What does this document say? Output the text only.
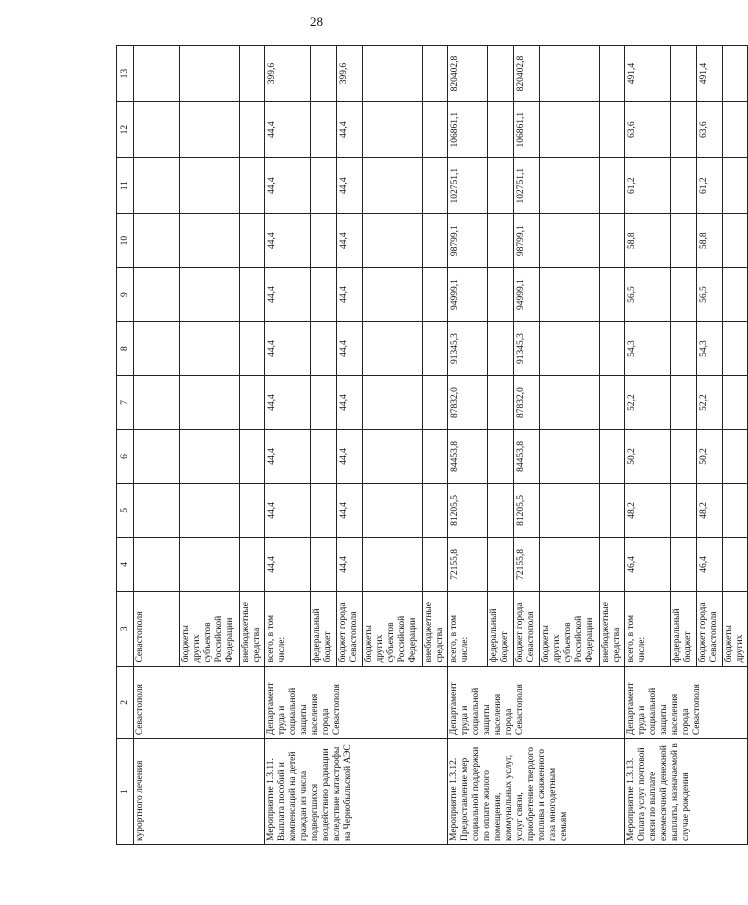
28
1	2	3	4	5	6	7	8	9	10	11	12	13
курортного лечения	Севастополя	Севастополя										
		бюджеты других субъектов Российской Федерации										
		внебюджетные средства										
Мероприятие 1.3.11. Выплата пособий и компенсаций на детей граждан из числа подвергшихся воздействию радиации вследствие катастрофы на Чернобыльской АЭС	Департамент труда и социальной защиты населения города Севастополя	всего, в том числе:	44,4	44,4	44,4	44,4	44,4	44,4	44,4	44,4	44,4	399,6
		федеральный бюджет										
		бюджет города Севастополя	44,4	44,4	44,4	44,4	44,4	44,4	44,4	44,4	44,4	399,6
		бюджеты других субъектов Российской Федерации										
		внебюджетные средства										
Мероприятие 1.3.12. Предоставление мер социальной поддержки по оплате жилого помещения, коммунальных услуг, услуг связи, приобретение твердого топлива и сжиженного газа многодетным семьям	Департамент труда и социальной защиты населения города Севастополя	всего, в том числе:	72155,8	81205,5	84453,8	87832,0	91345,3	94999,1	98799,1	102751,1	106861,1	820402,8
		федеральный бюджет										
		бюджет города Севастополя	72155,8	81205,5	84453,8	87832,0	91345,3	94999,1	98799,1	102751,1	106861,1	820402,8
		бюджеты других субъектов Российской Федерации										
		внебюджетные средства										
Мероприятие 1.3.13. Оплата услуг почтовой связи по выплате ежемесячной денежной выплаты, назначаемой в случае рождения	Департамент труда и социальной защиты населения города Севастополя	всего, в том числе:	46,4	48,2	50,2	52,2	54,3	56,5	58,8	61,2	63,6	491,4
		федеральный бюджет										
		бюджет города Севастополя	46,4	48,2	50,2	52,2	54,3	56,5	58,8	61,2	63,6	491,4
		бюджеты других										
